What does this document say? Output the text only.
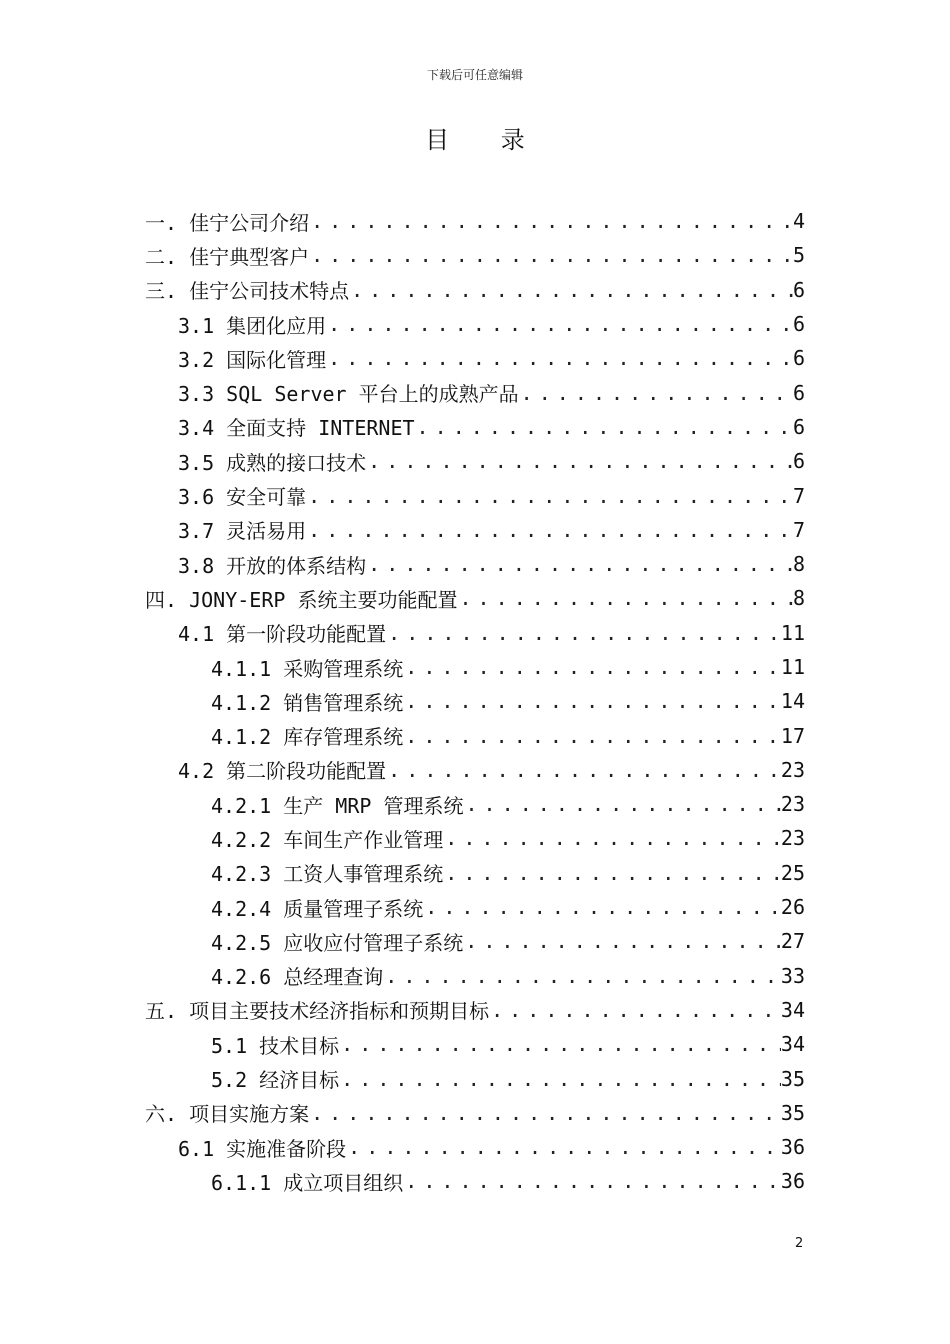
下载后可任意编辑
目 录
一. 佳宁公司介绍 . . .	4
二. 佳宁典型客户 . . .	5
三. 佳宁公司技术特点 . . .	6
3.1 集团化应用 . . .	6
3.2 国际化管理 . . .	6
3.3 SQL Server 平台上的成熟产品 . . .	6
3.4 全面支持 INTERNET . . .	6
3.5 成熟的接口技术 . . .	6
3.6 安全可靠 . . .	7
3.7 灵活易用 . . .	7
3.8 开放的体系结构 . . .	8
四. JONY-ERP 系统主要功能配置 . . .	8
4.1 第一阶段功能配置 . . .	11
4.1.1 采购管理系统 . . .	11
4.1.2 销售管理系统 . . .	14
4.1.2 库存管理系统 . . .	17
4.2 第二阶段功能配置 . . .	23
4.2.1 生产 MRP 管理系统 . . .	23
4.2.2 车间生产作业管理 . . .	23
4.2.3 工资人事管理系统 . . .	25
4.2.4 质量管理子系统 . . .	26
4.2.5 应收应付管理子系统 . . .	27
4.2.6 总经理查询 . . .	33
五. 项目主要技术经济指标和预期目标 . . .	34
5.1 技术目标 . . .	34
5.2 经济目标 . . .	35
六. 项目实施方案 . . .	35
6.1 实施准备阶段 . . .	36
6.1.1 成立项目组织 . . .	36
2
